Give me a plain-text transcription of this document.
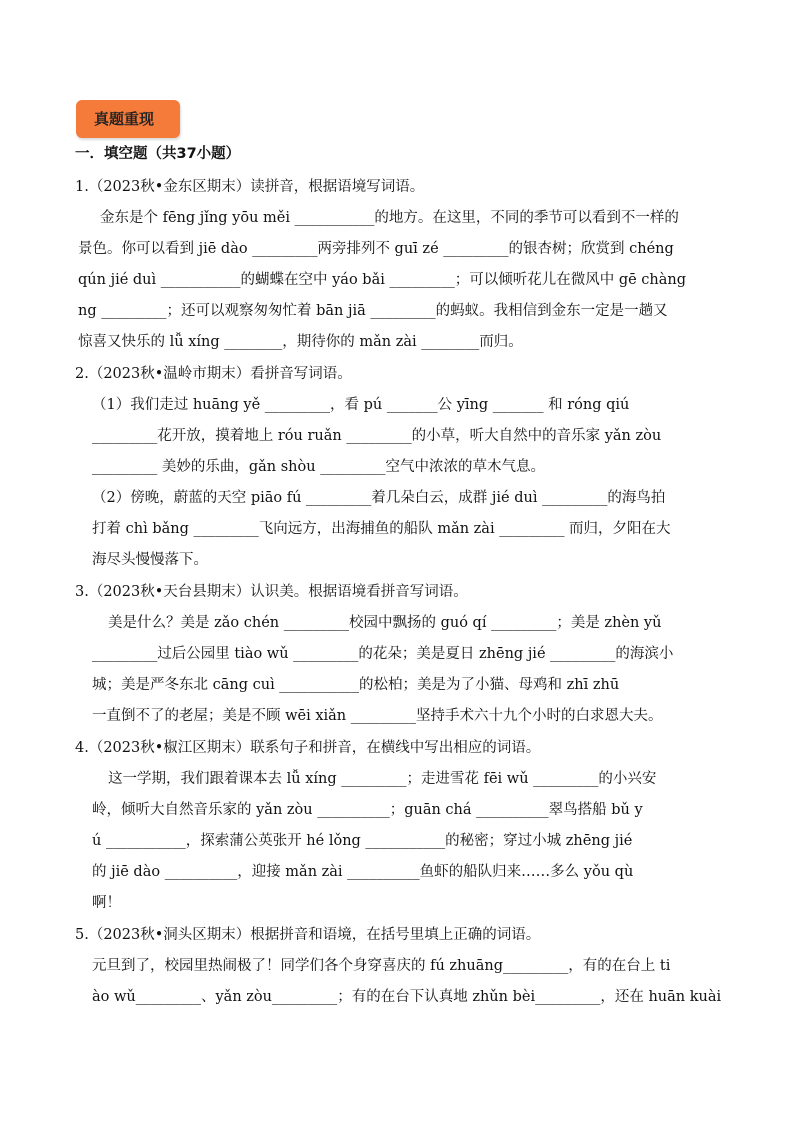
真题重现
一．填空题（共37小题）
1.（2023秋•金东区期末）读拼音，根据语境写词语。
金东是个 fēng jǐng yōu měi ___________的地方。在这里，不同的季节可以看到不一样的
景色。你可以看到 jiē dào _________两旁排列不 guī zé _________的银杏树；欣赏到 chéng
qún jié duì ___________的蝴蝶在空中 yáo bǎi _________；可以倾听花儿在微风中 gē chàng
ng _________；还可以观察匆匆忙着 bān jiā _________的蚂蚁。我相信到金东一定是一趟又
惊喜又快乐的 lǚ xíng ________，期待你的 mǎn zài ________而归。
2.（2023秋•温岭市期末）看拼音写词语。
（1）我们走过 huāng yě _________，看 pú _______公 yīng _______ 和 róng qiú
_________花开放，摸着地上 róu ruǎn _________的小草，听大自然中的音乐家 yǎn zòu
_________ 美妙的乐曲，gǎn shòu _________空气中浓浓的草木气息。
（2）傍晚，蔚蓝的天空 piāo fú _________着几朵白云，成群 jié duì _________的海鸟拍
打着 chì bǎng _________飞向远方，出海捕鱼的船队 mǎn zài _________ 而归，夕阳在大
海尽头慢慢落下。
3.（2023秋•天台县期末）认识美。根据语境看拼音写词语。
美是什么？美是 zǎo chén _________校园中飘扬的 guó qí _________；美是 zhèn yǔ
_________过后公园里 tiào wǔ _________的花朵；美是夏日 zhēng jié _________的海滨小
城；美是严冬东北 cāng cuì ___________的松柏；美是为了小猫、母鸡和 zhī zhū
一直倒不了的老屋；美是不顾 wēi xiǎn _________坚持手术六十九个小时的白求恩大夫。
4.（2023秋•椒江区期末）联系句子和拼音，在横线中写出相应的词语。
这一学期，我们跟着课本去 lǚ xíng _________；走进雪花 fēi wǔ _________的小兴安
岭，倾听大自然音乐家的 yǎn zòu __________；guān chá __________翠鸟搭船 bǔ y
ú ___________，探索蒲公英张开 hé lǒng ___________的秘密；穿过小城 zhēng jié
的 jiē dào __________，迎接 mǎn zài __________鱼虾的船队归来……多么 yǒu qù
啊！
5.（2023秋•洞头区期末）根据拼音和语境，在括号里填上正确的词语。
元旦到了，校园里热闹极了！同学们各个身穿喜庆的 fú zhuāng_________，有的在台上 ti
ào wǔ_________、yǎn zòu_________；有的在台下认真地 zhǔn bèi_________，还在 huān kuài
